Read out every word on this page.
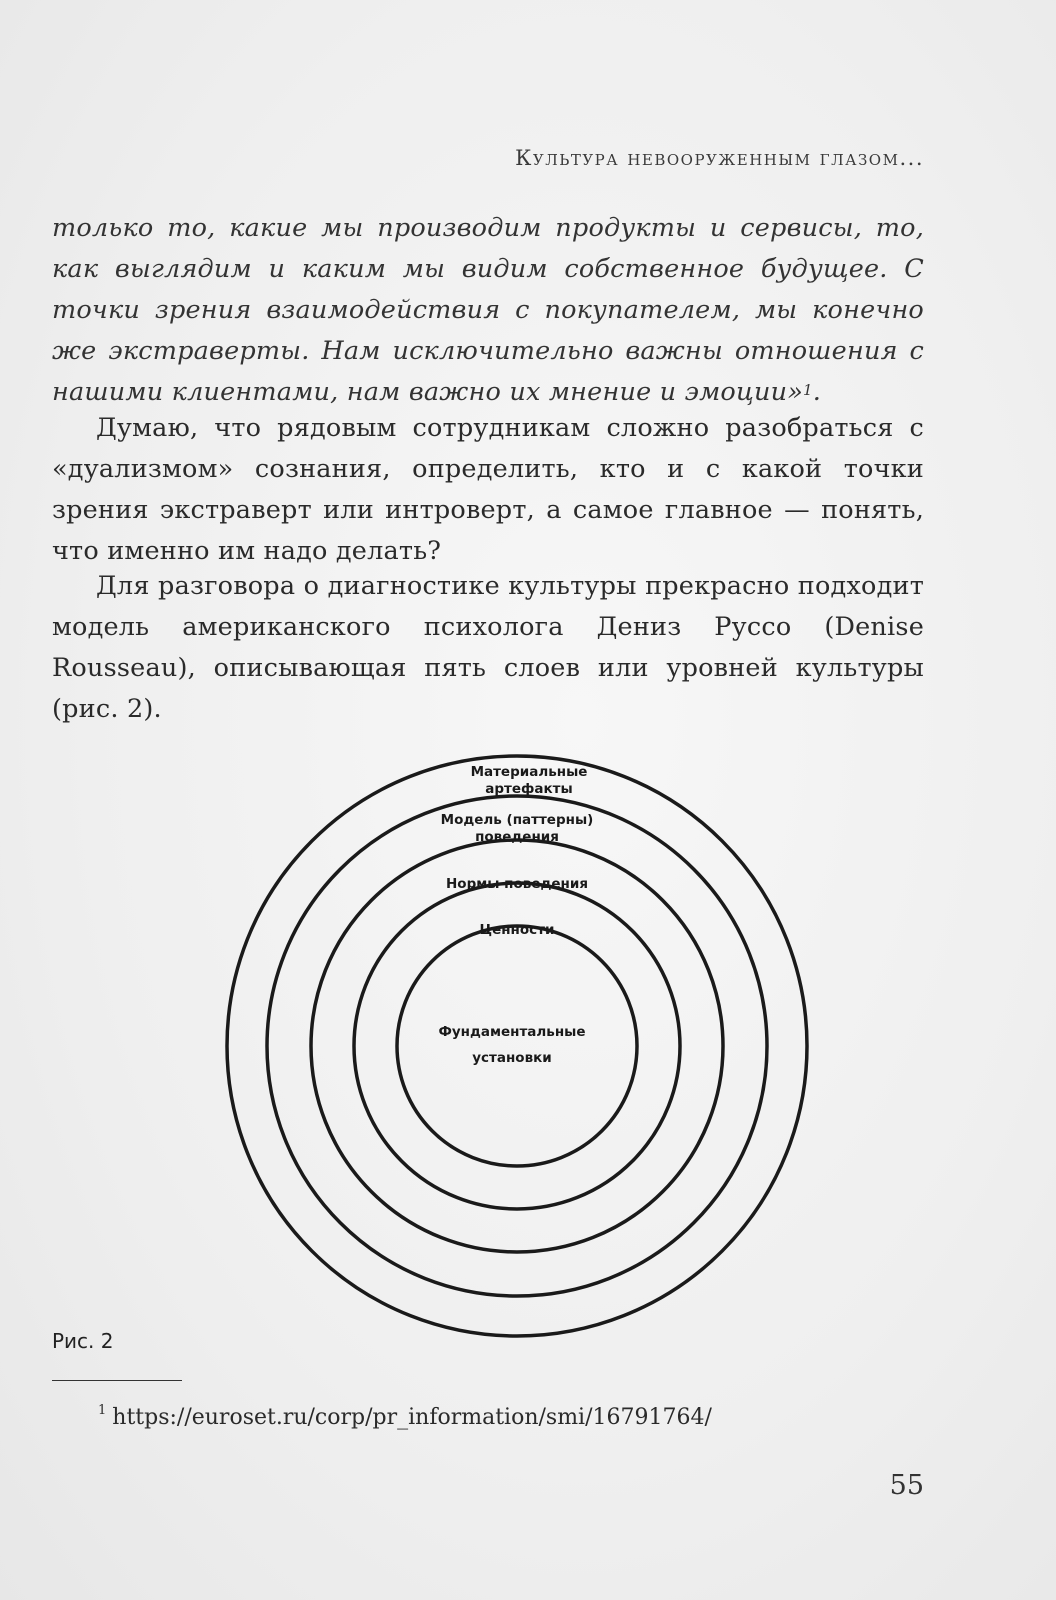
Культура невооруженным глазом...
только то, какие мы производим продукты и сервисы, то, как выглядим и каким мы видим собственное будущее. С точки зрения взаимодействия с покупателем, мы конечно же экстраверты. Нам исключительно важны отношения с нашими клиентами, нам важно их мнение и эмоции»$^1$.
Думаю, что рядовым сотрудникам сложно разобраться с «дуализмом» сознания, определить, кто и с какой точки зрения экстраверт или интроверт, а самое главное — понять, что именно им надо делать?
Для разговора о диагностике культуры прекрасно подходит модель американского психолога Дениз Руссо (Denise Rousseau), описывающая пять слоев или уровней культуры (рис. 2).
Материальные
артефакты
Модель (паттерны)
поведения
Нормы поведения
Ценности
Фундаментальные
установки
Рис. 2
$^1$ https://euroset.ru/corp/pr_information/smi/16791764/
55
